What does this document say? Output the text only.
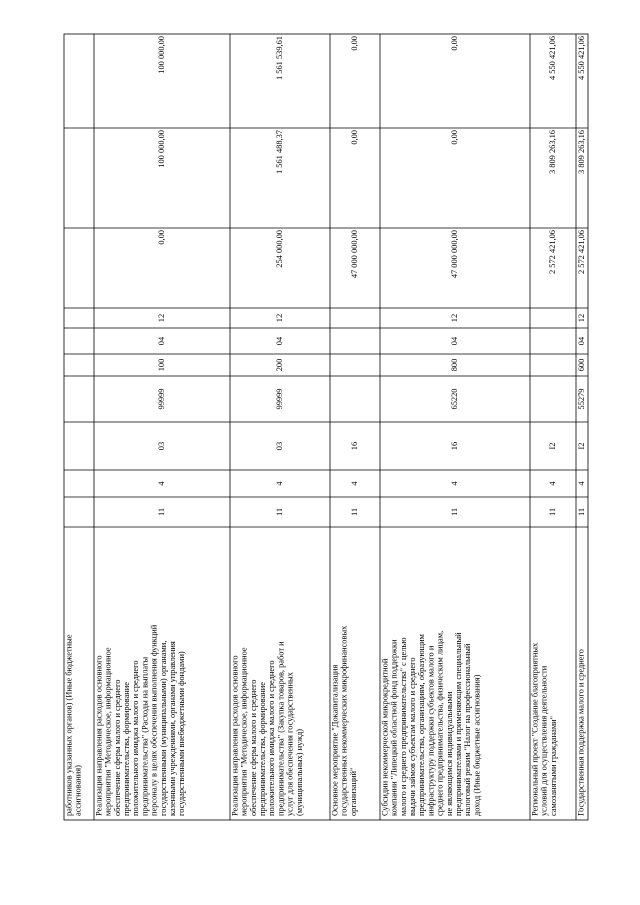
работников указанных органов) (Иные бюджетные ассигнования) Реализация направления расходов основного мероприятия "Методическое, информационное обеспечение сферы малого и среднего предпринимательства, формирование положительного имиджа малого и среднего предпринимательства" (Расходы на выплаты персоналу в целях обеспечения выполнения функций государственными (муниципальными) органами, казенными учреждениями, органами управления государственными внебюджетными фондами)
11
4
03
99999
100
04
12
0,00
100 000,00
100 000,00
Реализация направления расходов основного мероприятия "Методическое, информационное обеспечение сферы малого и среднего предпринимательства, формирование положительного имиджа малого и среднего предпринимательства" (Закупка товаров, работ и услуг для обеспечения государственных (муниципальных) нужд)
11
4
03
99999
200
04
12
254 000,00
1 561 488,37
1 561 539,61
Основное мероприятие "Докапитализация государственных некоммерческих микрофинансовых организаций"
11
4
16
47 000 000,00
0,00
0,00
Субсидии некоммерческой микрокредитной компании "Липецкий областной фонд поддержки малого и среднего предпринимательства" с целью выдачи займов субъектам малого и среднего предпринимательства, организациям, образующим инфраструктуру поддержки субъектов малого и среднего предпринимательства, физическим лицам, не являющимся индивидуальными предпринимателями и применяющим специальный налоговый режим "Налог на профессиональный доход (Иные бюджетные ассигнования)
11
4
16
65220
800
04
12
47 000 000,00
0,00
0,00
Региональный проект "Создание благоприятных условий для осуществления деятельности самозанятыми гражданами"
11
4
I2
2 572 421,06
3 809 263,16
4 550 421,06
Государственная поддержка малого и среднего
11
4
I2
55279
600
04
12
2 572 421,06
3 809 263,16
4 550 421,06
